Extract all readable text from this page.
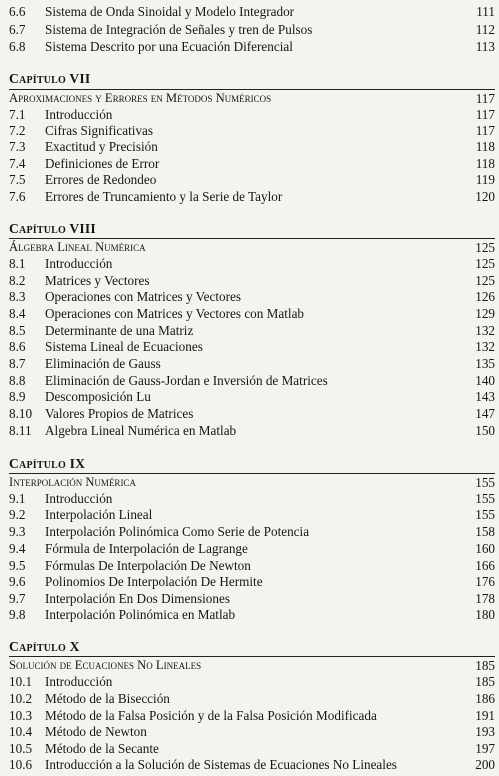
6.6	Sistema de Onda Sinoidal y Modelo Integrador	111
6.7	Sistema de Integración de Señales y tren de Pulsos	112
6.8	Sistema Descrito por una Ecuación Diferencial	113
Capítulo VII
Aproximaciones y Errores en Métodos Numéricos	117
7.1	Introducción	117
7.2	Cifras Significativas	117
7.3	Exactitud y Precisión	118
7.4	Definiciones de Error	118
7.5	Errores de Redondeo	119
7.6	Errores de Truncamiento y la Serie de Taylor	120
Capítulo VIII
Álgebra Lineal Numérica	125
8.1	Introducción	125
8.2	Matrices y Vectores	125
8.3	Operaciones con Matrices y Vectores	126
8.4	Operaciones con Matrices y Vectores con Matlab	129
8.5	Determinante de una Matriz	132
8.6	Sistema Lineal de Ecuaciones	132
8.7	Eliminación de Gauss	135
8.8	Eliminación de Gauss-Jordan e Inversión de Matrices	140
8.9	Descomposición Lu	143
8.10 Valores Propios de Matrices	147
8.11	Algebra Lineal Numérica en Matlab	150
Capítulo IX
Interpolación Numérica	155
9.1	Introducción	155
9.2	Interpolación Lineal	155
9.3	Interpolación Polinómica Como Serie de Potencia	158
9.4	Fórmula de Interpolación de Lagrange	160
9.5	Fórmulas De Interpolación De Newton	166
9.6	Polinomios De Interpolación De Hermite	176
9.7	Interpolación En Dos Dimensiones	178
9.8	Interpolación Polinómica en Matlab	180
Capítulo X
Solución de Ecuaciones No Lineales	185
10.1 Introducción	185
10.2 Método de la Bisección	186
10.3 Método de la Falsa Posición y de la Falsa Posición Modificada	191
10.4 Método de Newton	193
10.5 Método de la Secante	197
10.6 Introducción a la Solución de Sistemas de Ecuaciones No Lineales	200
